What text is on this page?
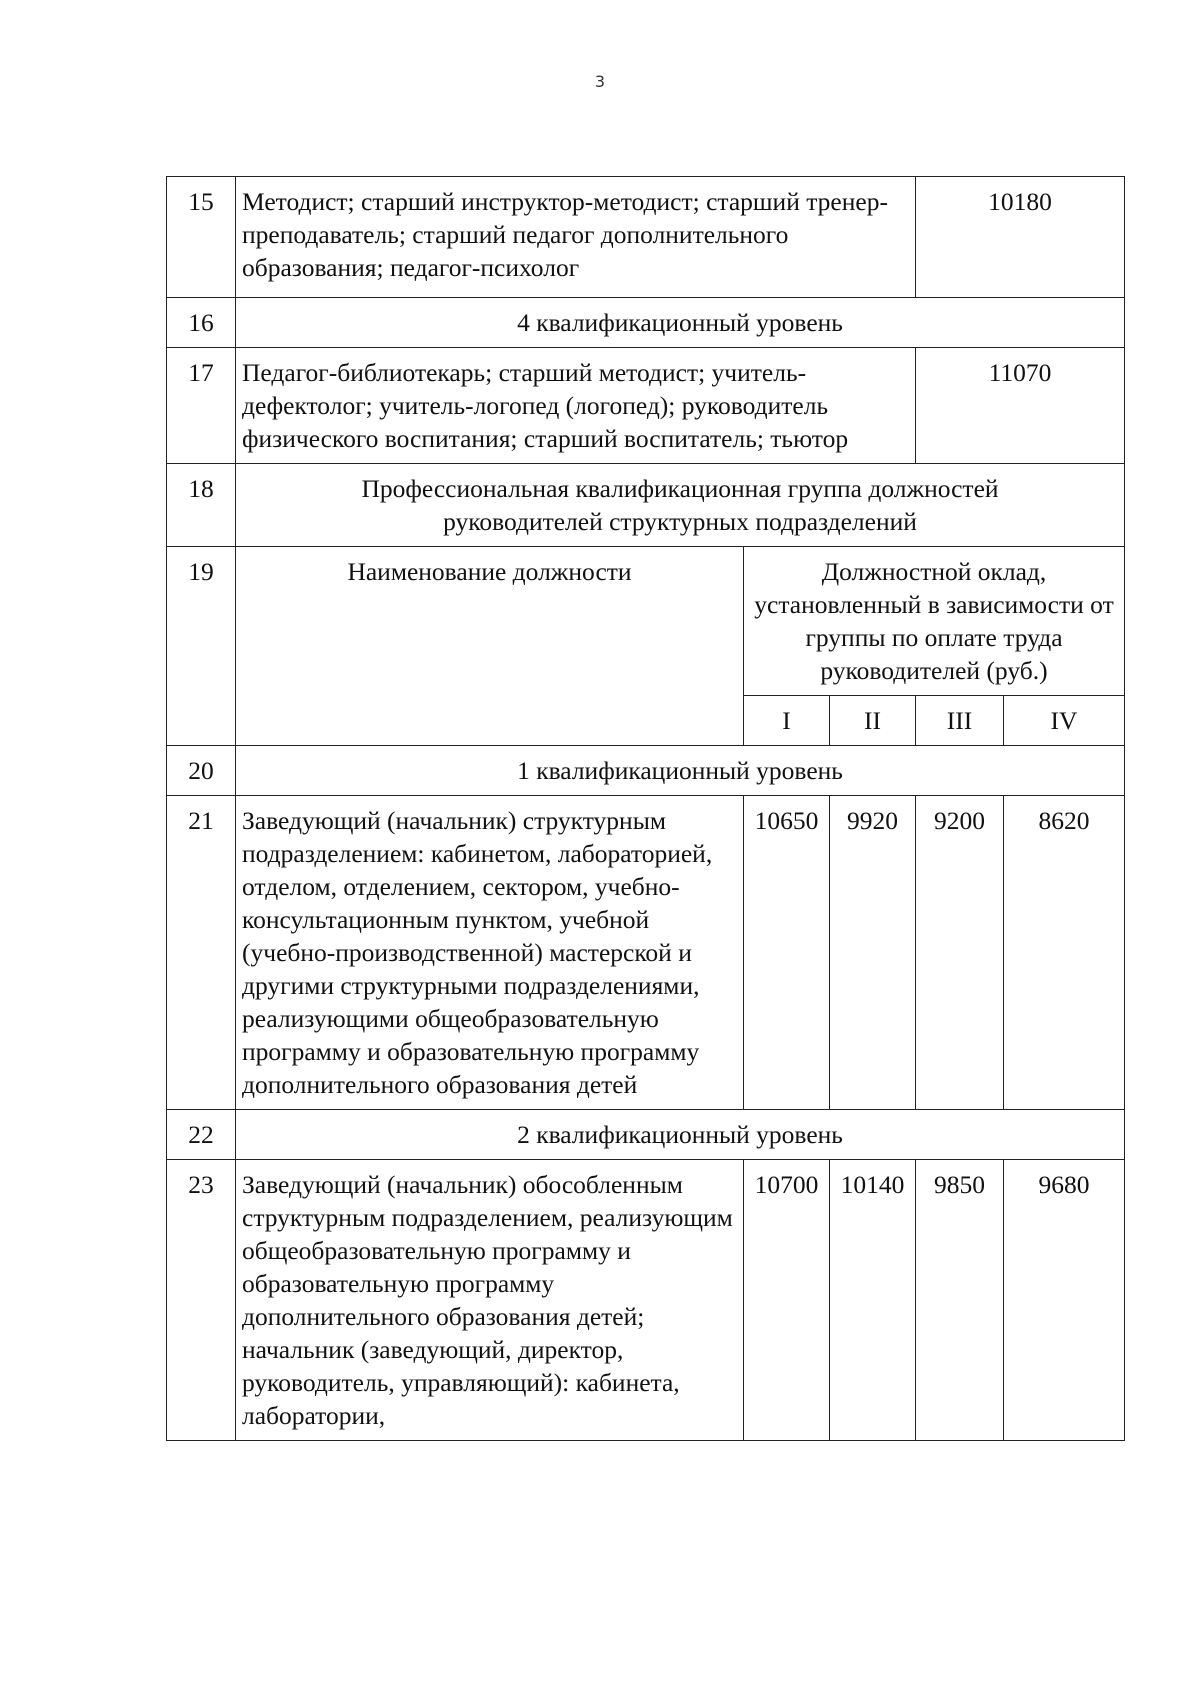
3
15	Методист; старший инструктор-методист; старший тренер-преподаватель; старший педагог дополнительного образования; педагог-психолог			10180	
16	4 квалификационный уровень				
17	Педагог-библиотекарь; старший методист; учитель-дефектолог; учитель-логопед (логопед); руководитель физического воспитания; старший воспитатель; тьютор			11070	
18	Профессиональная квалификационная группа должностей руководителей структурных подразделений				
19	Наименование должности	Должностной оклад, установленный в зависимости от группы по оплате труда руководителей (руб.)			
		I	II	III	IV
20	1 квалификационный уровень				
21	Заведующий (начальник) структурным подразделением: кабинетом, лабораторией, отделом, отделением, сектором, учебно-консультационным пунктом, учебной (учебно-производственной) мастерской и другими структурными подразделениями, реализующими общеобразовательную программу и образовательную программу дополнительного образования детей	10650	9920	9200	8620
22	2 квалификационный уровень				
23	Заведующий (начальник) обособленным структурным подразделением, реализующим общеобразовательную программу и образовательную программу дополнительного образования детей; начальник (заведующий, директор, руководитель, управляющий): кабинета, лаборатории,	10700	10140	9850	9680
